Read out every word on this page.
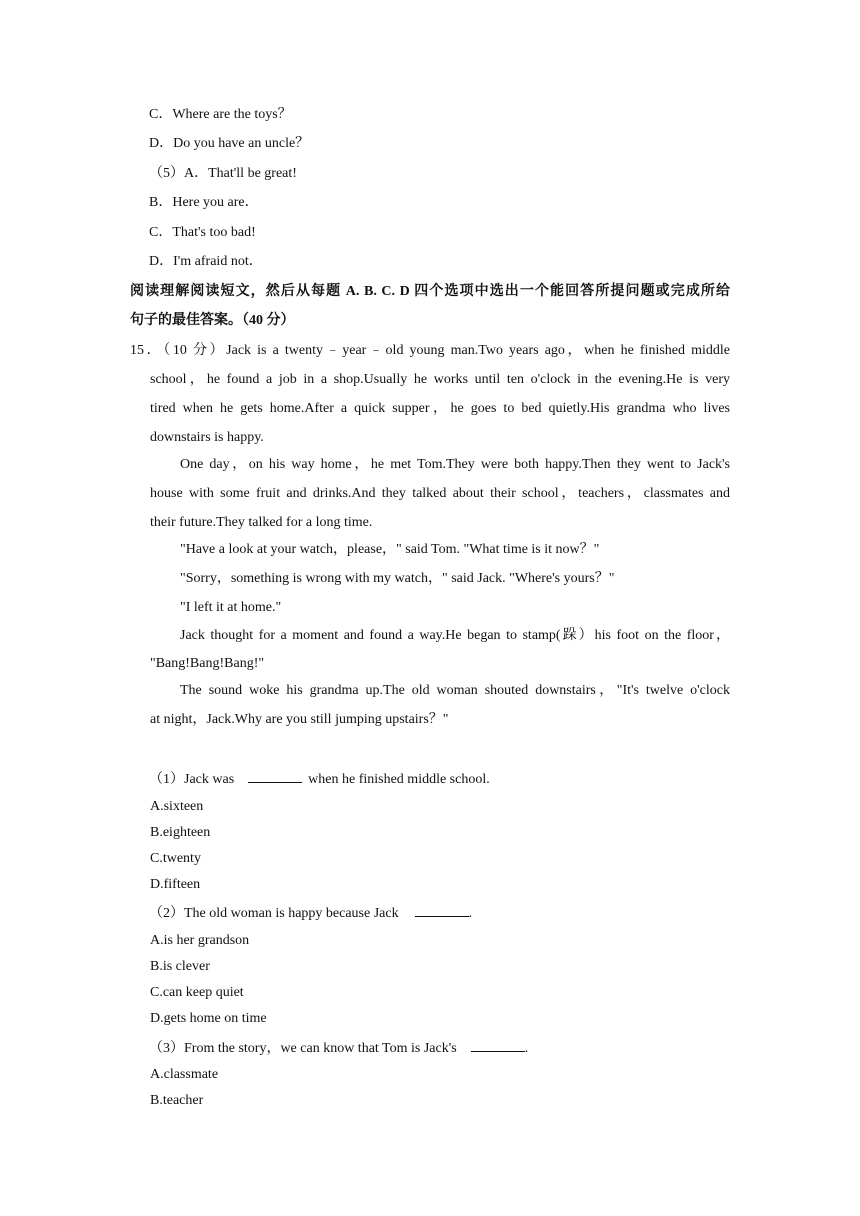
C．Where are the toys？
D．Do you have an uncle？
（5）A．That'll be great!
B．Here you are．
C．That's too bad!
D．I'm afraid not．
阅读理解阅读短文，然后从每题 A. B. C. D 四个选项中选出一个能回答所提问题或完成所给
句子的最佳答案。（40 分）
15．（10 分）Jack is a twenty﹣year﹣old young man.Two years ago，when he finished middle
school，he found a job in a shop.Usually he works until ten o'clock in the evening.He is very
tired when he gets home.After a quick supper，he goes to bed quietly.His grandma who lives
downstairs is happy.
One day，on his way home，he met Tom.They were both happy.Then they went to Jack's
house with some fruit and drinks.And they talked about their school，teachers，classmates and
their future.They talked for a long time.
"Have a look at your watch，please，" said Tom. "What time is it now？"
"Sorry，something is wrong with my watch，" said Jack. "Where's yours？"
"I left it at home."
Jack thought for a moment and found a way.He began to stamp(跺）his foot on the floor，
"Bang!Bang!Bang!"
The sound woke his grandma up.The old woman shouted downstairs，"It's twelve o'clock
at night，Jack.Why are you still jumping upstairs？"
（1）Jack was	when he finished middle school.
A.sixteen
B.eighteen
C.twenty
D.fifteen
（2）The old woman is happy because Jack	.
A.is her grandson
B.is clever
C.can keep quiet
D.gets home on time
（3）From the story，we can know that Tom is Jack's	.
A.classmate
B.teacher
